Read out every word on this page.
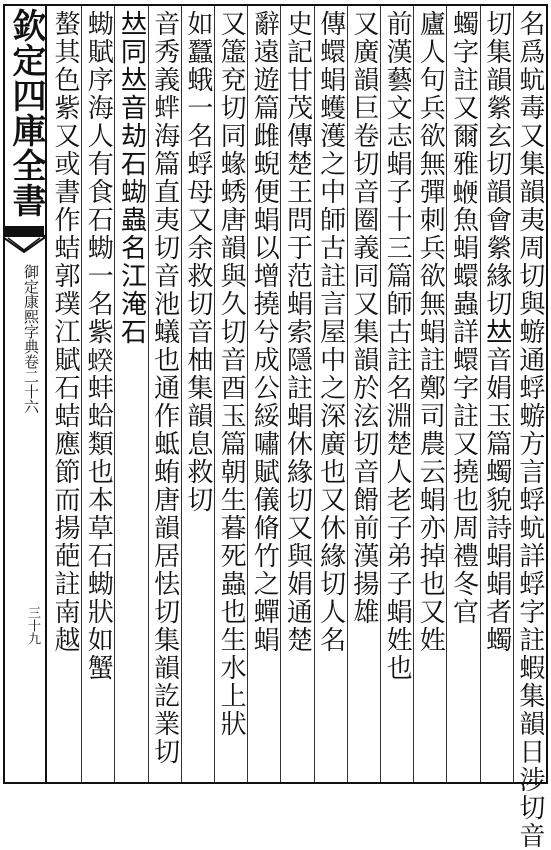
欽定四庫全書
御定康熙字典卷二十六
三十九	名爲蚢毒又集韻夷周切與蝣通蜉蝣方言蜉蚢詳蜉字註蝦集韻日涉切音
切集韻縈玄切韻會縈緣切𠀤音娟玉篇蠋貌詩蜎蜎者蠋
蠋字註又爾雅𧍲魚蜎蠉蟲詳蠉字註又撓也周禮冬官
廬人句兵欲無彈刺兵欲無蜎註鄭司農云蜎亦掉也又姓
前漢藝文志蜎子十三篇師古註名淵楚人老子弟子蜎姓也
又廣韻巨卷切音圈義同又集韻於泫切音餶前漢揚雄
傳蠉蜎蠖濩之中師古註言屋中之深廣也又休緣切人名
史記甘茂傳楚王問于范蜎索隱註蜎休緣切又與娟通楚
辭遠遊篇雌蜺便蜎以增撓兮成公綏嘯賦儀脩竹之蟬蜎
又𥲤兗切同蝝蜏唐韻與久切音酉玉篇朝生暮死蟲也生水上狀
如蠶蛾一名蜉母又余救切音柚集韻息救切
音秀義蝆海篇直夷切音池蟻也通作蚳蛕唐韻居怯切集韻訖業切
𠀤同𠀤音劫石蜐蟲名江淹石
蜐賦序海人有食石蜐一名紫𧍜蚌蛤類也本草石蜐狀如蟹
螯其色紫又或書作蛣郭璞江賦石蛣應節而揚葩註南越
